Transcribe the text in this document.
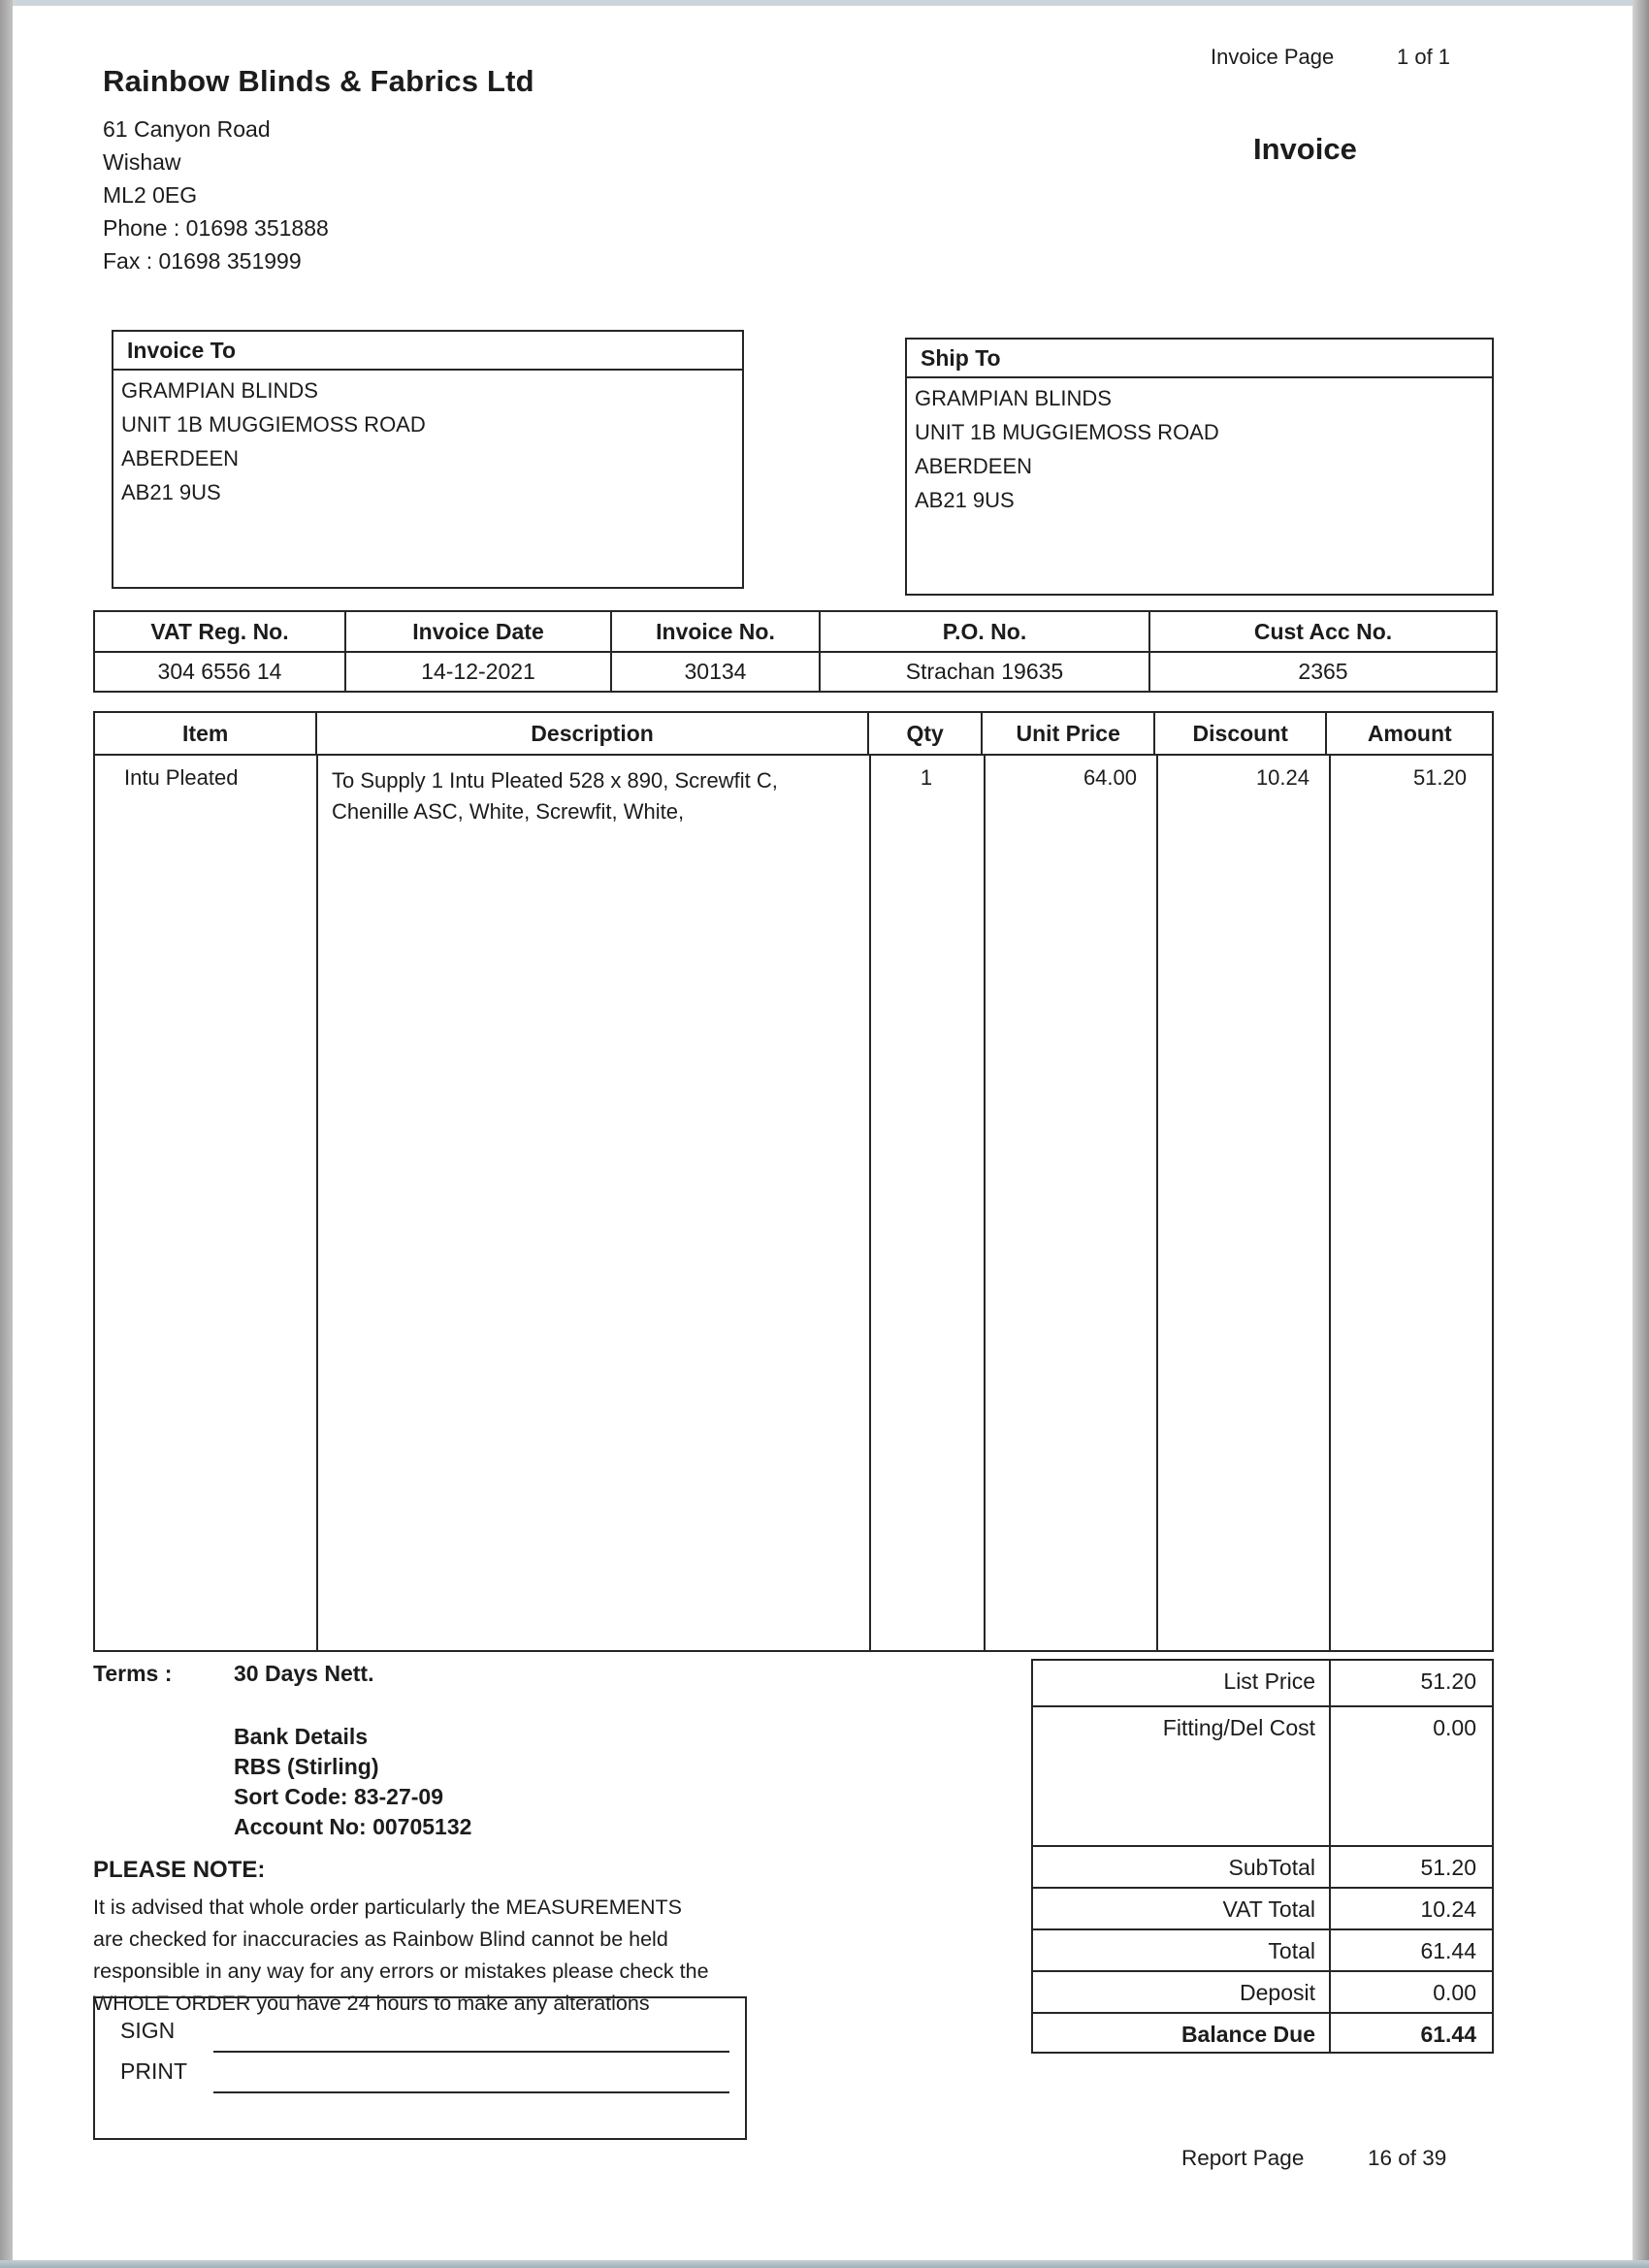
Invoice Page	1 of 1
Rainbow Blinds & Fabrics Ltd
61 Canyon Road
Wishaw
ML2 0EG
Phone : 01698 351888
Fax : 01698 351999
Invoice
Invoice To
GRAMPIAN BLINDS
UNIT 1B MUGGIEMOSS ROAD
ABERDEEN
AB21 9US
Ship To
GRAMPIAN BLINDS
UNIT 1B MUGGIEMOSS ROAD
ABERDEEN
AB21 9US
VAT Reg. No.	Invoice Date	Invoice No.	P.O. No.	Cust Acc No.
304 6556 14	14-12-2021	30134	Strachan 19635	2365
Item	Description	Qty	Unit Price	Discount	Amount
Intu Pleated	To Supply 1 Intu Pleated 528 x 890, Screwfit C,
Chenille ASC, White, Screwfit, White,
1	64.00	10.24	51.20
Terms :	30 Days Nett.
Bank Details
RBS (Stirling)
Sort Code: 83-27-09
Account No: 00705132
PLEASE NOTE:
It is advised that whole order particularly the MEASUREMENTS are checked for inaccuracies as Rainbow Blind cannot be held responsible in any way for any errors or mistakes please check the WHOLE ORDER you have 24 hours to make any alterations
SIGN
PRINT
List Price	51.20
Fitting/Del Cost	0.00
SubTotal	51.20
VAT Total	10.24
Total	61.44
Deposit	0.00
Balance Due	61.44
Report Page	16 of 39
